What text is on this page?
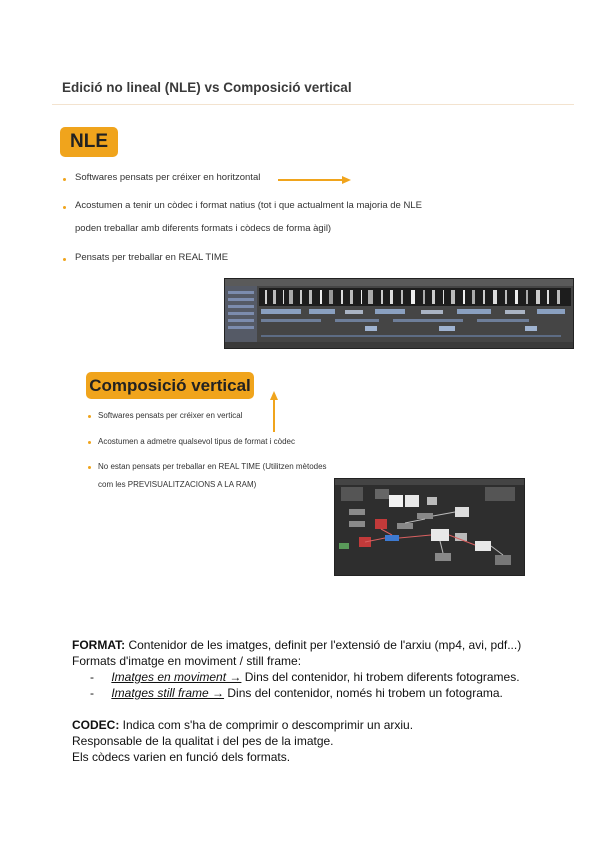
Edició no lineal (NLE) vs Composició vertical
NLE
Softwares pensats per créixer en horitzontal
Acostumen a tenir un còdec i format natius (tot i que actualment la majoria de NLE
poden treballar amb diferents formats i còdecs de forma àgil)
Pensats per treballar en REAL TIME
Composició vertical
Softwares pensats per créixer en vertical
Acostumen a admetre qualsevol tipus de format i còdec
No estan pensats per treballar en REAL TIME (Utilitzen mètodes
com les PREVISUALITZACIONS A LA RAM)
FORMAT: Contenidor de les imatges, definit per l'extensió de l'arxiu (mp4, avi, pdf...)
Formats d'imatge en moviment / still frame:
- Imatges en moviment → Dins del contenidor, hi trobem diferents fotogrames.
- Imatges still frame → Dins del contenidor, només hi trobem un fotograma.
CODEC: Indica com s'ha de comprimir o descomprimir un arxiu.
Responsable de la qualitat i del pes de la imatge.
Els còdecs varien en funció dels formats.
